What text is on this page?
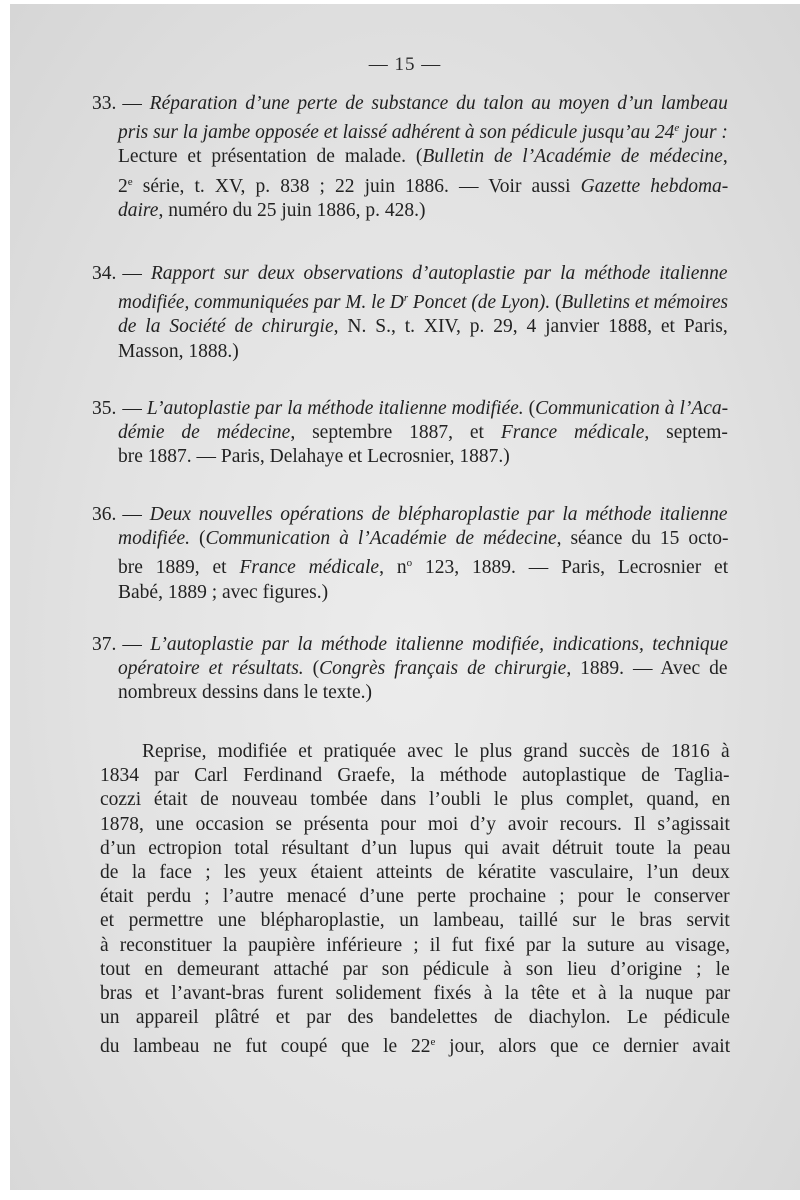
— 15 —
33. — Réparation d’une perte de substance du talon au moyen d’un lambeau
pris sur la jambe opposée et laissé adhérent à son pédicule jusqu’au 24e jour :
Lecture et présentation de malade. (Bulletin de l’Académie de médecine,
2e série, t. XV, p. 838 ; 22 juin 1886. — Voir aussi Gazette hebdoma-
daire, numéro du 25 juin 1886, p. 428.)
34. — Rapport sur deux observations d’autoplastie par la méthode italienne
modifiée, communiquées par M. le $D^r$ Poncet (de Lyon). (Bulletins et mémoires
de la Société de chirurgie, N. S., t. XIV, p. 29, 4 janvier 1888, et Paris,
Masson, 1888.)
35. — L’autoplastie par la méthode italienne modifiée. (Communication à l’Aca-
démie de médecine, septembre 1887, et France médicale, septem-
bre 1887. — Paris, Delahaye et Lecrosnier, 1887.)
36. — Deux nouvelles opérations de blépharoplastie par la méthode italienne
modifiée. (Communication à l’Académie de médecine, séance du 15 octo-
bre 1889, et France médicale, $n^o$ 123, 1889. — Paris, Lecrosnier et
Babé, 1889 ; avec figures.)
37. — L’autoplastie par la méthode italienne modifiée, indications, technique
opératoire et résultats. (Congrès français de chirurgie, 1889. — Avec de
nombreux dessins dans le texte.)
Reprise, modifiée et pratiquée avec le plus grand succès de 1816 à
1834 par Carl Ferdinand Graefe, la méthode autoplastique de Taglia-
cozzi était de nouveau tombée dans l’oubli le plus complet, quand, en
1878, une occasion se présenta pour moi d’y avoir recours. Il s’agissait
d’un ectropion total résultant d’un lupus qui avait détruit toute la peau
de la face ; les yeux étaient atteints de kératite vasculaire, l’un deux
était perdu ; l’autre menacé d’une perte prochaine ; pour le conserver
et permettre une blépharoplastie, un lambeau, taillé sur le bras servit
à reconstituer la paupière inférieure ; il fut fixé par la suture au visage,
tout en demeurant attaché par son pédicule à son lieu d’origine ; le
bras et l’avant-bras furent solidement fixés à la tête et à la nuque par
un appareil plâtré et par des bandelettes de diachylon. Le pédicule
du lambeau ne fut coupé que le 22e jour, alors que ce dernier avait
